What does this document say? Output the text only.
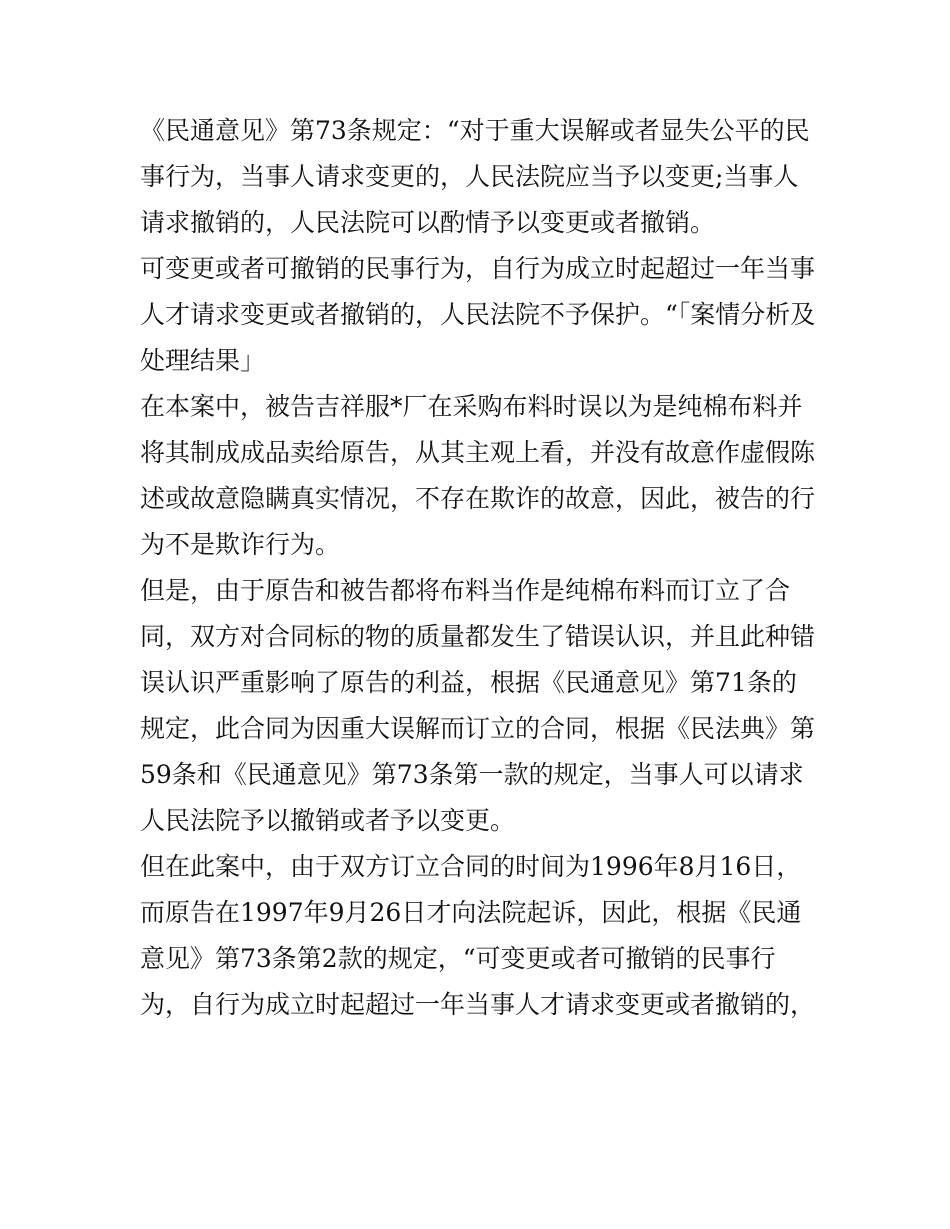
《民通意见》第73条规定：“对于重大误解或者显失公平的民事行为，当事人请求变更的，人民法院应当予以变更;当事人请求撤销的，人民法院可以酌情予以变更或者撤销。

可变更或者可撤销的民事行为，自行为成立时起超过一年当事人才请求变更或者撤销的，人民法院不予保护。“「案情分析及处理结果」

在本案中，被告吉祥服*厂在采购布料时误以为是纯棉布料并将其制成成品卖给原告，从其主观上看，并没有故意作虚假陈述或故意隐瞒真实情况，不存在欺诈的故意，因此，被告的行为不是欺诈行为。

但是，由于原告和被告都将布料当作是纯棉布料而订立了合同，双方对合同标的物的质量都发生了错误认识，并且此种错误认识严重影响了原告的利益，根据《民通意见》第71条的规定，此合同为因重大误解而订立的合同，根据《民法典》第59条和《民通意见》第73条第一款的规定，当事人可以请求人民法院予以撤销或者予以变更。

但在此案中，由于双方订立合同的时间为1996年8月16日，而原告在1997年9月26日才向法院起诉，因此，根据《民通意见》第73条第2款的规定，“可变更或者可撤销的民事行为，自行为成立时起超过一年当事人才请求变更或者撤销的，
